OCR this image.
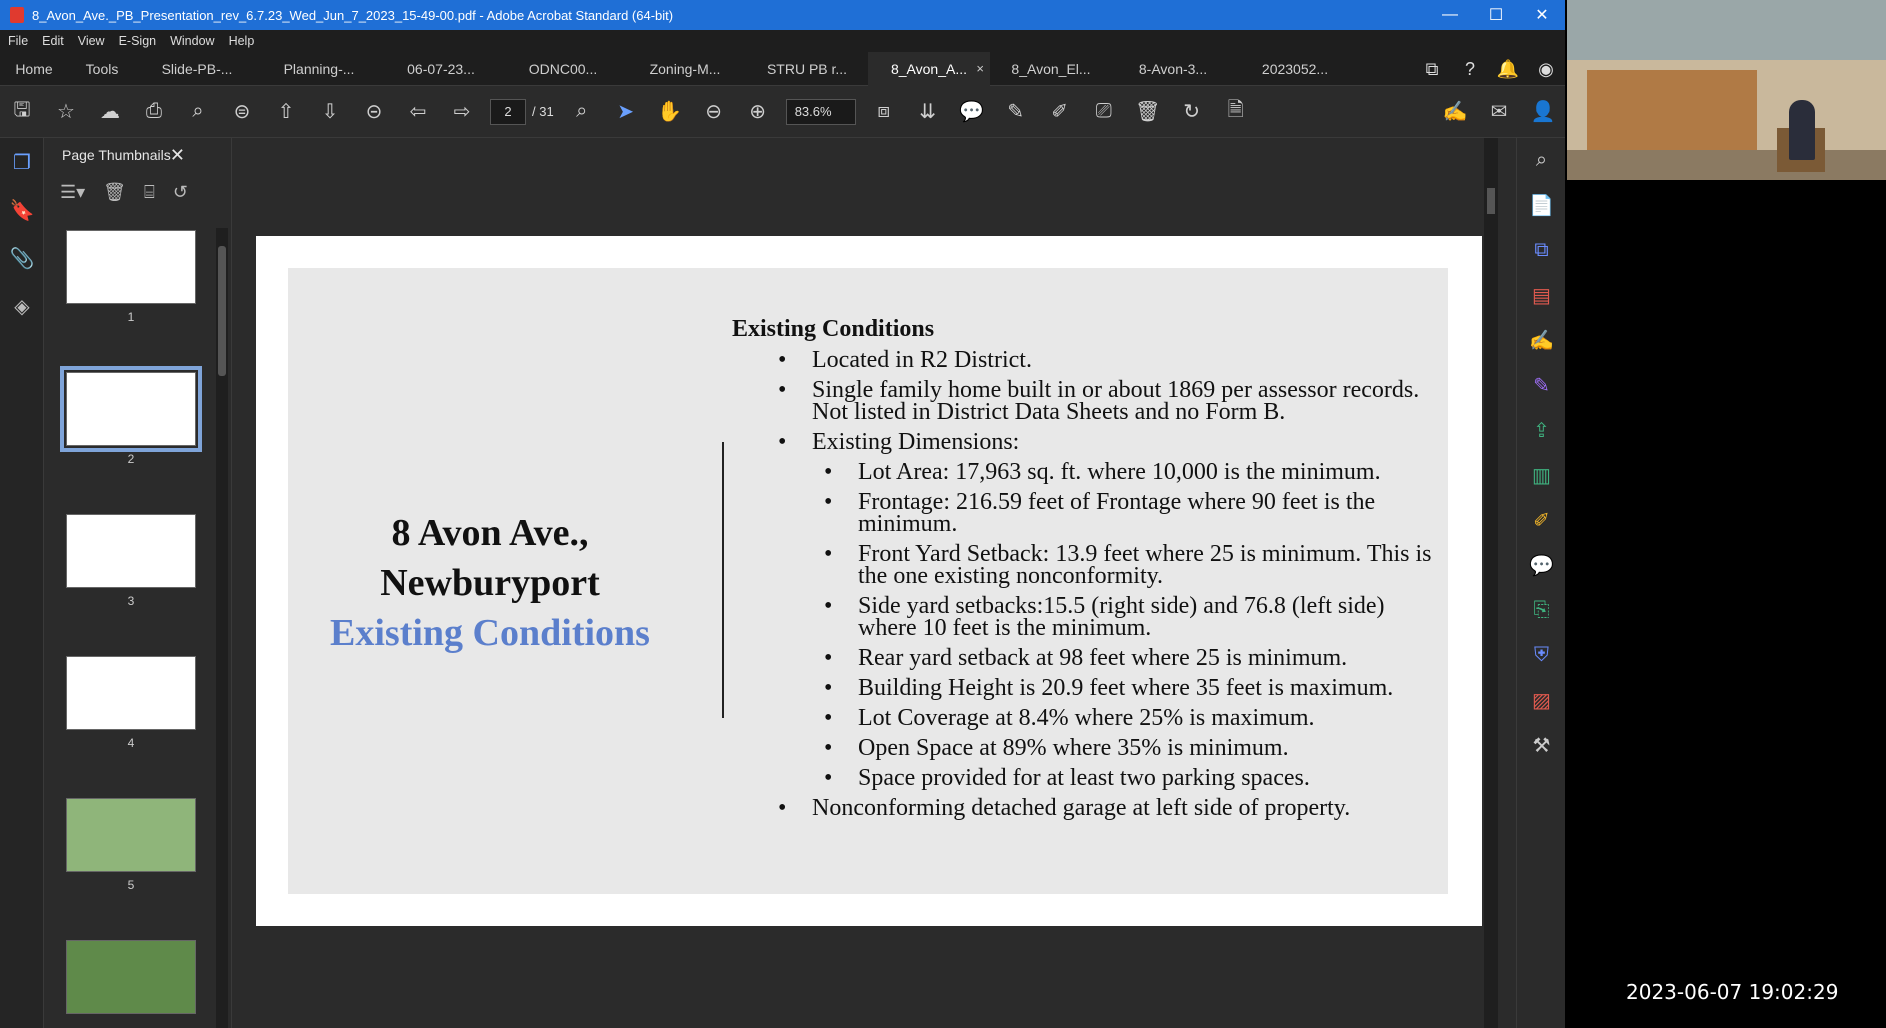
8_Avon_Ave._PB_Presentation_rev_6.7.23_Wed_Jun_7_2023_15-49-00.pdf - Adobe Acrobat Standard (64-bit)	—	☐	✕
File Edit View E-Sign Window Help
Home	Tools	Slide-PB-...	Planning-...	06-07-23...	ODNC00...	Zoning-M...	STRU PB r...	8_Avon_A... × 8_Avon_El...	8-Avon-3...	2023052...	⧉	?	🔔	◉
🖫	☆	☁	⎙	⌕	⊜	⇧	⇩	⊝	⇦	⇨	2	/ 31	⌕	➤	✋	⊖	⊕	83.6%	⧈	⇊	💬	✎	✐	⎚	🗑	↻	🗎	✍	✉	👤
❐
🔖
📎
◈
Page Thumbnails ✕
☰▾ 🗑 ⌸ ↺
1
2
3
4
5
8 Avon Ave.,
Newburyport
Existing Conditions
Existing Conditions
• Located in R2 District.
• Single family home built in or about 1869 per assessor records. Not listed in District Data Sheets and no Form B.
• Existing Dimensions:
• Lot Area: 17,963 sq. ft. where 10,000 is the minimum.
• Frontage: 216.59 feet of Frontage where 90 feet is the minimum.
• Front Yard Setback: 13.9 feet where 25 is minimum. This is the one existing nonconformity.
• Side yard setbacks:15.5 (right side) and 76.8 (left side) where 10 feet is the minimum.
• Rear yard setback at 98 feet where 25 is minimum.
• Building Height is 20.9 feet where 35 feet is maximum.
• Lot Coverage at 8.4% where 25% is maximum.
• Open Space at 89% where 35% is minimum.
• Space provided for at least two parking spaces.
• Nonconforming detached garage at left side of property.
⌕
📄
⧉
▤
✍
✎
⇪
▥
✐
💬
⎘
⛨
▨
⚒
2023-06-07 19:02:29
